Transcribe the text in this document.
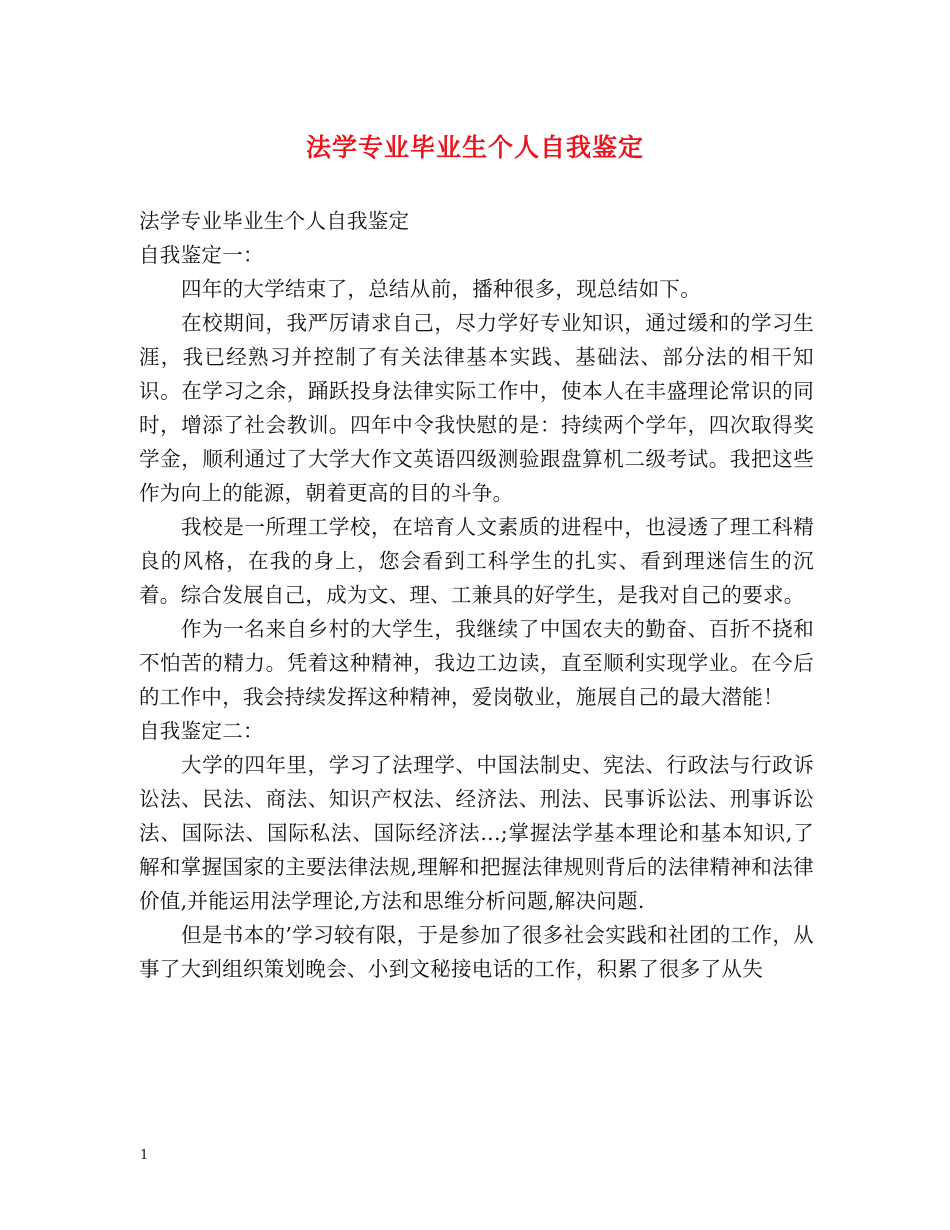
法学专业毕业生个人自我鉴定

法学专业毕业生个人自我鉴定

自我鉴定一：

四年的大学结束了，总结从前，播种很多，现总结如下。

在校期间，我严厉请求自己，尽力学好专业知识，通过缓和的学习生涯，我已经熟习并控制了有关法律基本实践、基础法、部分法的相干知识。在学习之余，踊跃投身法律实际工作中，使本人在丰盛理论常识的同时，增添了社会教训。四年中令我快慰的是：持续两个学年，四次取得奖学金，顺利通过了大学大作文英语四级测验跟盘算机二级考试。我把这些作为向上的能源，朝着更高的目的斗争。

我校是一所理工学校，在培育人文素质的进程中，也浸透了理工科精良的风格，在我的身上，您会看到工科学生的扎实、看到理迷信生的沉着。综合发展自己，成为文、理、工兼具的好学生，是我对自己的要求。

作为一名来自乡村的大学生，我继续了中国农夫的勤奋、百折不挠和不怕苦的精力。凭着这种精神，我边工边读，直至顺利实现学业。在今后的工作中，我会持续发挥这种精神，爱岗敬业，施展自己的最大潜能！

自我鉴定二：

大学的四年里，学习了法理学、中国法制史、宪法、行政法与行政诉讼法、民法、商法、知识产权法、经济法、刑法、民事诉讼法、刑事诉讼法、国际法、国际私法、国际经济法...;掌握法学基本理论和基本知识,了解和掌握国家的主要法律法规,理解和把握法律规则背后的法律精神和法律价值,并能运用法学理论,方法和思维分析问题,解决问题.

但是书本的’学习较有限，于是参加了很多社会实践和社团的工作，从事了大到组织策划晚会、小到文秘接电话的工作，积累了很多了从失

1
